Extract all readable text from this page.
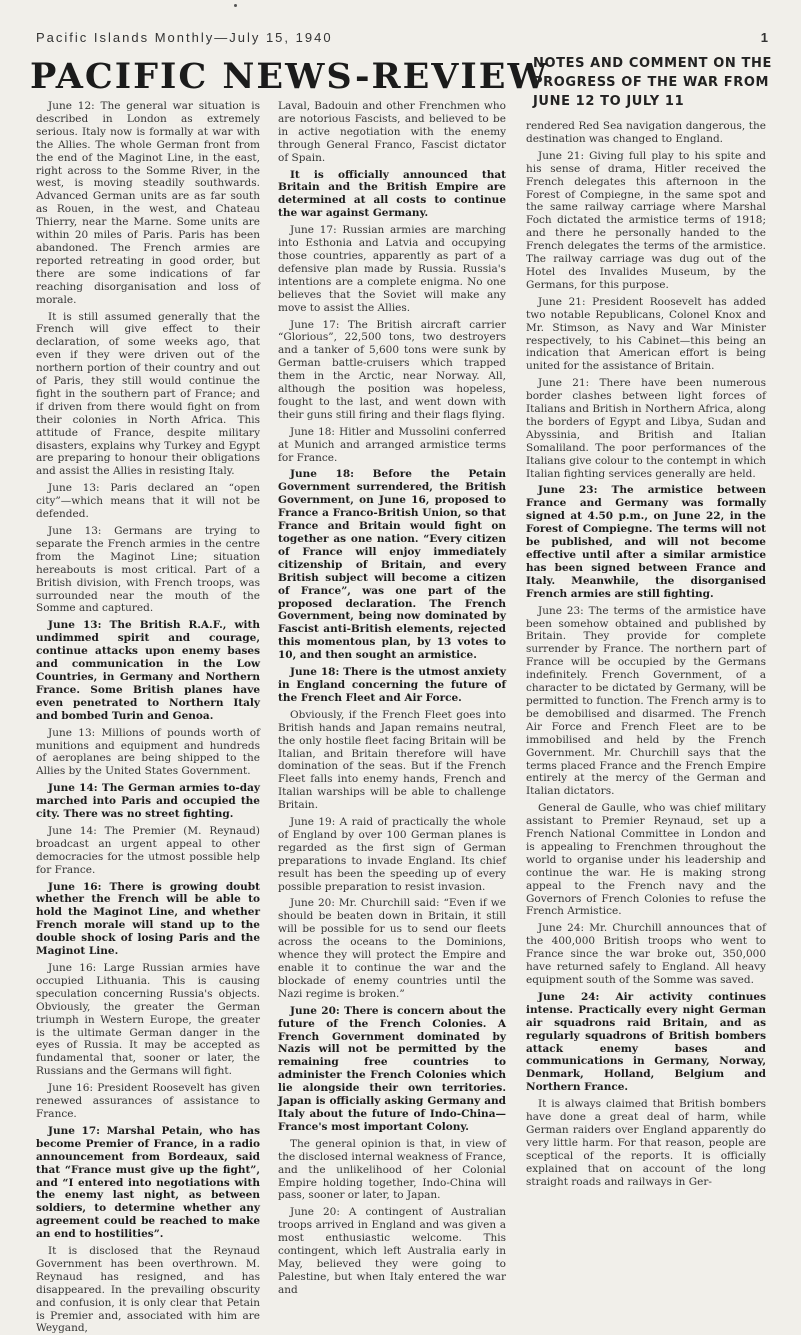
Pacific Islands Monthly—July 15, 1940	1
PACIFIC NEWS-REVIEW
NOTES AND COMMENT ON THE PROGRESS OF THE WAR FROM JUNE 12 TO JULY 11

June 12: The general war situation is described in London as extremely serious. Italy now is formally at war with the Allies. The whole German front from the end of the Maginot Line, in the east, right across to the Somme River, in the west, is moving steadily southwards. Advanced German units are as far south as Rouen, in the west, and Chateau Thierry, near the Marne. Some units are within 20 miles of Paris. Paris has been abandoned. The French armies are reported retreating in good order, but there are some indications of far reaching disorganisation and loss of morale.

It is still assumed generally that the French will give effect to their declaration, of some weeks ago, that even if they were driven out of the northern portion of their country and out of Paris, they still would continue the fight in the southern part of France; and if driven from there would fight on from their colonies in North Africa. This attitude of France, despite military disasters, explains why Turkey and Egypt are preparing to honour their obligations and assist the Allies in resisting Italy.

June 13: Paris declared an “open city”—which means that it will not be defended.

June 13: Germans are trying to separate the French armies in the centre from the Maginot Line; situation hereabouts is most critical. Part of a British division, with French troops, was surrounded near the mouth of the Somme and captured.

June 13: The British R.A.F., with undimmed spirit and courage, continue attacks upon enemy bases and communication in the Low Countries, in Germany and Northern France. Some British planes have even penetrated to Northern Italy and bombed Turin and Genoa.

June 13: Millions of pounds worth of munitions and equipment and hundreds of aeroplanes are being shipped to the Allies by the United States Government.

June 14: The German armies to-day marched into Paris and occupied the city. There was no street fighting.

June 14: The Premier (M. Reynaud) broadcast an urgent appeal to other democracies for the utmost possible help for France.

June 16: There is growing doubt whether the French will be able to hold the Maginot Line, and whether French morale will stand up to the double shock of losing Paris and the Maginot Line.

June 16: Large Russian armies have occupied Lithuania. This is causing speculation concerning Russia's objects. Obviously, the greater the German triumph in Western Europe, the greater is the ultimate German danger in the eyes of Russia. It may be accepted as fundamental that, sooner or later, the Russians and the Germans will fight.

June 16: President Roosevelt has given renewed assurances of assistance to France.

June 17: Marshal Petain, who has become Premier of France, in a radio announcement from Bordeaux, said that “France must give up the fight”, and “I entered into negotiations with the enemy last night, as between soldiers, to determine whether any agreement could be reached to make an end to hostilities”.

It is disclosed that the Reynaud Government has been overthrown. M. Reynaud has resigned, and has disappeared. In the prevailing obscurity and confusion, it is only clear that Petain is Premier and, associated with him are Weygand,

Laval, Badouin and other Frenchmen who are notorious Fascists, and believed to be in active negotiation with the enemy through General Franco, Fascist dictator of Spain.

It is officially announced that Britain and the British Empire are determined at all costs to continue the war against Germany.

June 17: Russian armies are marching into Esthonia and Latvia and occupying those countries, apparently as part of a defensive plan made by Russia. Russia's intentions are a complete enigma. No one believes that the Soviet will make any move to assist the Allies.

June 17: The British aircraft carrier “Glorious”, 22,500 tons, two destroyers and a tanker of 5,600 tons were sunk by German battle-cruisers which trapped them in the Arctic, near Norway. All, although the position was hopeless, fought to the last, and went down with their guns still firing and their flags flying.

June 18: Hitler and Mussolini conferred at Munich and arranged armistice terms for France.

June 18: Before the Petain Government surrendered, the British Government, on June 16, proposed to France a Franco-British Union, so that France and Britain would fight on together as one nation. “Every citizen of France will enjoy immediately citizenship of Britain, and every British subject will become a citizen of France”, was one part of the proposed declaration. The French Government, being now dominated by Fascist anti-British elements, rejected this momentous plan, by 13 votes to 10, and then sought an armistice.

June 18: There is the utmost anxiety in England concerning the future of the French Fleet and Air Force.

Obviously, if the French Fleet goes into British hands and Japan remains neutral, the only hostile fleet facing Britain will be Italian, and Britain therefore will have domination of the seas. But if the French Fleet falls into enemy hands, French and Italian warships will be able to challenge Britain.

June 19: A raid of practically the whole of England by over 100 German planes is regarded as the first sign of German preparations to invade England. Its chief result has been the speeding up of every possible preparation to resist invasion.

June 20: Mr. Churchill said: “Even if we should be beaten down in Britain, it still will be possible for us to send our fleets across the oceans to the Dominions, whence they will protect the Empire and enable it to continue the war and the blockade of enemy countries until the Nazi regime is broken.”

June 20: There is concern about the future of the French Colonies. A French Government dominated by Nazis will not be permitted by the remaining free countries to administer the French Colonies which lie alongside their own territories. Japan is officially asking Germany and Italy about the future of Indo-China—France's most important Colony.

The general opinion is that, in view of the disclosed internal weakness of France, and the unlikelihood of her Colonial Empire holding together, Indo-China will pass, sooner or later, to Japan.

June 20: A contingent of Australian troops arrived in England and was given a most enthusiastic welcome. This contingent, which left Australia early in May, believed they were going to Palestine, but when Italy entered the war and

rendered Red Sea navigation dangerous, the destination was changed to England.

June 21: Giving full play to his spite and his sense of drama, Hitler received the French delegates this afternoon in the Forest of Compiegne, in the same spot and the same railway carriage where Marshal Foch dictated the armistice terms of 1918; and there he personally handed to the French delegates the terms of the armistice. The railway carriage was dug out of the Hotel des Invalides Museum, by the Germans, for this purpose.

June 21: President Roosevelt has added two notable Republicans, Colonel Knox and Mr. Stimson, as Navy and War Minister respectively, to his Cabinet—this being an indication that American effort is being united for the assistance of Britain.

June 21: There have been numerous border clashes between light forces of Italians and British in Northern Africa, along the borders of Egypt and Libya, Sudan and Abyssinia, and British and Italian Somaliland. The poor performances of the Italians give colour to the contempt in which Italian fighting services generally are held.

June 23: The armistice between France and Germany was formally signed at 4.50 p.m., on June 22, in the Forest of Compiegne. The terms will not be published, and will not become effective until after a similar armistice has been signed between France and Italy. Meanwhile, the disorganised French armies are still fighting.

June 23: The terms of the armistice have been somehow obtained and published by Britain. They provide for complete surrender by France. The northern part of France will be occupied by the Germans indefinitely. French Government, of a character to be dictated by Germany, will be permitted to function. The French army is to be demobilised and disarmed. The French Air Force and French Fleet are to be immobilised and held by the French Government. Mr. Churchill says that the terms placed France and the French Empire entirely at the mercy of the German and Italian dictators.

General de Gaulle, who was chief military assistant to Premier Reynaud, set up a French National Committee in London and is appealing to Frenchmen throughout the world to organise under his leadership and continue the war. He is making strong appeal to the French navy and the Governors of French Colonies to refuse the French Armistice.

June 24: Mr. Churchill announces that of the 400,000 British troops who went to France since the war broke out, 350,000 have returned safely to England. All heavy equipment south of the Somme was saved.

June 24: Air activity continues intense. Practically every night German air squadrons raid Britain, and as regularly squadrons of British bombers attack enemy bases and communications in Germany, Norway, Denmark, Holland, Belgium and Northern France.

It is always claimed that British bombers have done a great deal of harm, while German raiders over England apparently do very little harm. For that reason, people are sceptical of the reports. It is officially explained that on account of the long straight roads and railways in Ger-
